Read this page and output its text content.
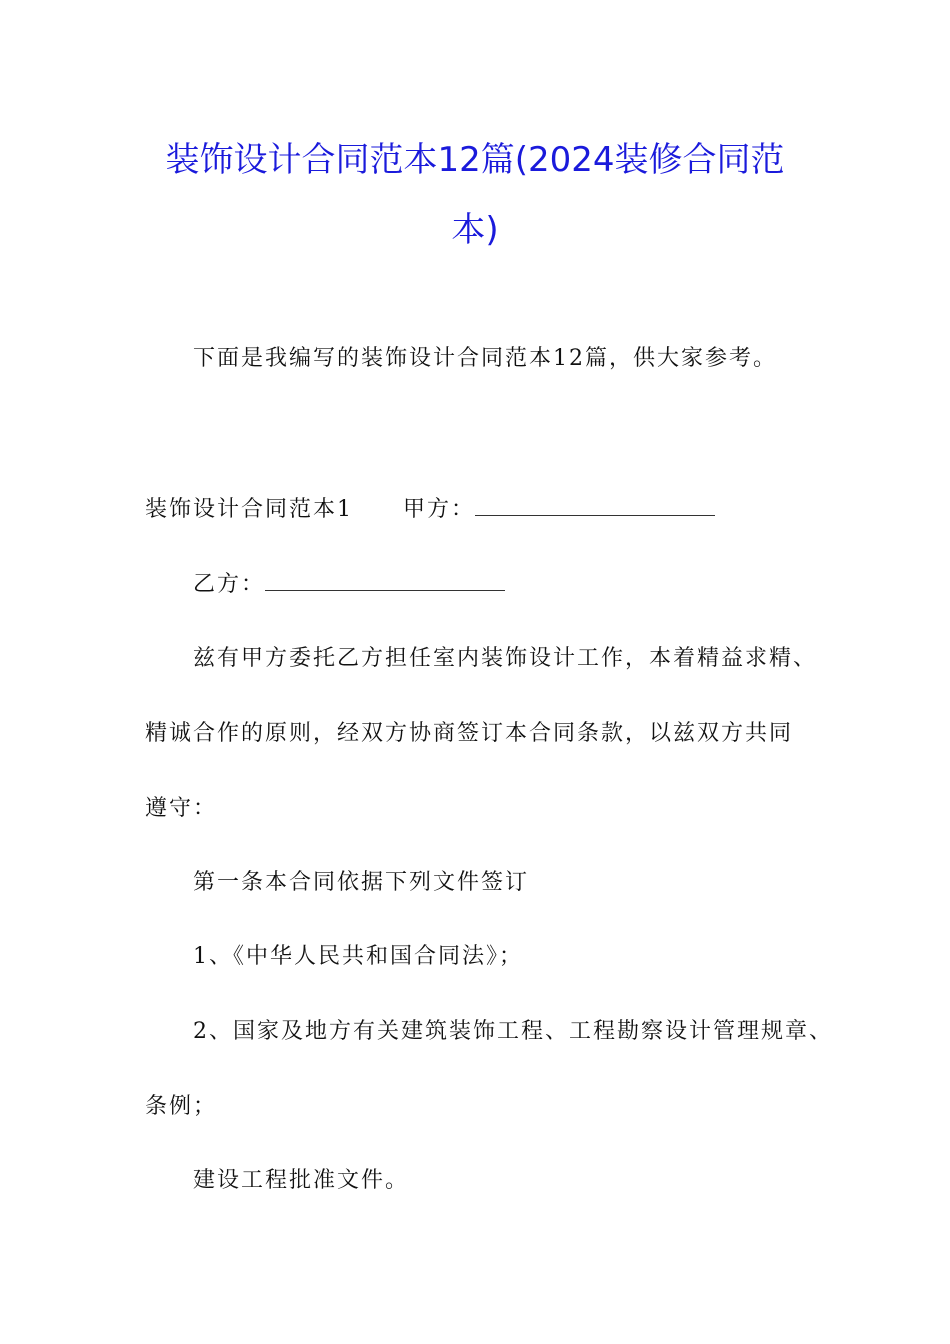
装饰设计合同范本12篇(2024装修合同范
本)
下面是我编写的装饰设计合同范本12篇，供大家参考。
装饰设计合同范本1 甲方：
乙方：
兹有甲方委托乙方担任室内装饰设计工作，本着精益求精、
精诚合作的原则，经双方协商签订本合同条款，以兹双方共同
遵守：
第一条本合同依据下列文件签订
1、《中华人民共和国合同法》；
2、国家及地方有关建筑装饰工程、工程勘察设计管理规章、
条例；
建设工程批准文件。
